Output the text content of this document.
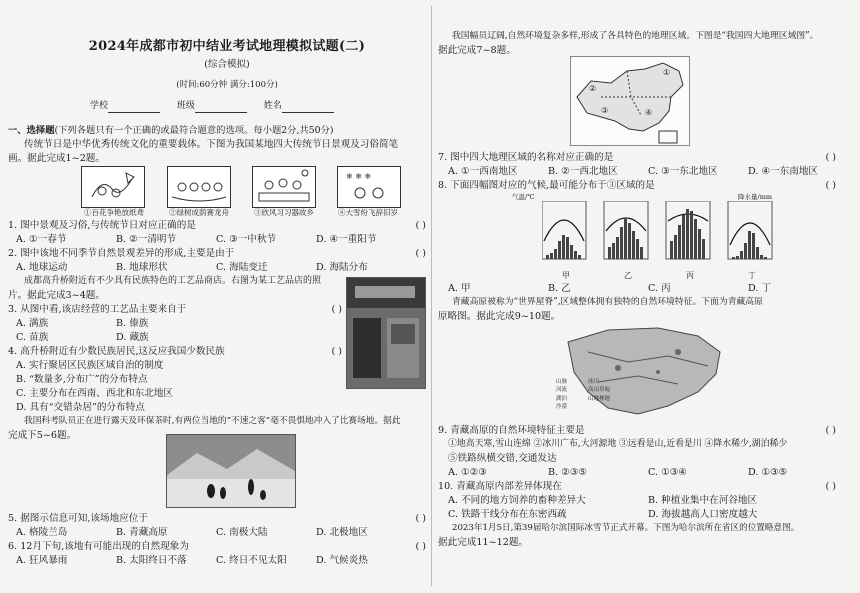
2024年成都市初中结业考试地理模拟试题(二)
(综合模拟)
(时间:60分钟 满分:100分)
学校	班级	姓名
一、选择题(下列各题只有一个正确的或最符合题意的选项。每小题2分,共50分)
传统节日是中华优秀传统文化的重要载体。下图为我国某地四大传统节日景观及习俗简笔
画。据此完成1~2题。
❄ ❄ ❄
①百花争艳放纸鸢	②绿树成荫赛龙舟	③欣风习习器故乡	④大雪纷飞辞旧岁
1. 图中景观及习俗,与传统节日对应正确的是	( )
A. ①一春节	B. ②一清明节	C. ③一中秋节	D. ④一重阳节
2. 图中该地不同季节自然景观差异的形成,主要是由于	( )
A. 地球运动	B. 地球形状	C. 海陆变迁	D. 海陆分布
成都高升桥附近有不少具有民族特色的工艺品商店。右图为某工艺品店的照
片。据此完成3~4题。
3. 从图中看,该店经营的工艺品主要来自于	( )
A. 满族	B. 傣族
C. 苗族	D. 藏族
4. 高升桥附近有少数民族居民,这反应我国少数民族	( )
A. 实行聚居区民族区域自治的制度
B. “数量多,分布广”的分布特点
C. 主要分布在西南、西北和东北地区
D. 具有“交错杂居”的分布特点
我国科考队员正在进行露天及环保茶时,有两位当地的“不速之客”毫不畏惧地冲入了比赛场地。据此
完成下5~6题。
5. 据图示信息可知,该场地应位于	( )
A. 格陵兰岛	B. 青藏高原	C. 南极大陆	D. 北极地区
6. 12月下旬,该地有可能出现的自然现象为	( )
A. 狂风暴雨	B. 太阳终日不落	C. 终日不见太阳	D. 气候炎热
我国幅员辽阔,自然环境复杂多样,形成了各具特色的地理区域。下图是“我国四大地理区域图”。
据此完成7~8题。
①
②
③	④
7. 图中四大地理区域的名称对应正确的是	( )
A. ①一西南地区	B. ②一西北地区	C. ③一东北地区	D. ④一东南地区
8. 下面四幅图对应的气候,最可能分布于③区域的是	( )
气温/℃	降水量/mm
甲	乙	丙	丁
A. 甲	B. 乙	C. 丙	D. 丁
青藏高原被称为“世界屋脊”,区域整体拥有独特的自然环境特征。下面为青藏高原
原略图。据此完成9~10题。
山脉
河流
湖泊
沙漠
冰川
高山草甸
山地林地
9. 青藏高原的自然环境特征主要是	( )
①地高天寒,雪山连绵 ②冰川广布,大河源地 ③远看是山,近看是川 ④降水稀少,湖泊稀少
⑤铁路纵横交错,交通发达
A. ①②③	B. ②③⑤	C. ①③④	D. ①③⑤
10. 青藏高原内部差异体现在	( )
A. 不同的地方饲养的畜种差异大	B. 种植业集中在河谷地区
C. 铁路干线分布在东密西疏	D. 海拔越高人口密度越大
2023年1月5日,第39届哈尔滨国际冰雪节正式开幕。下图为哈尔滨所在省区的位置略意图。
据此完成11~12题。
